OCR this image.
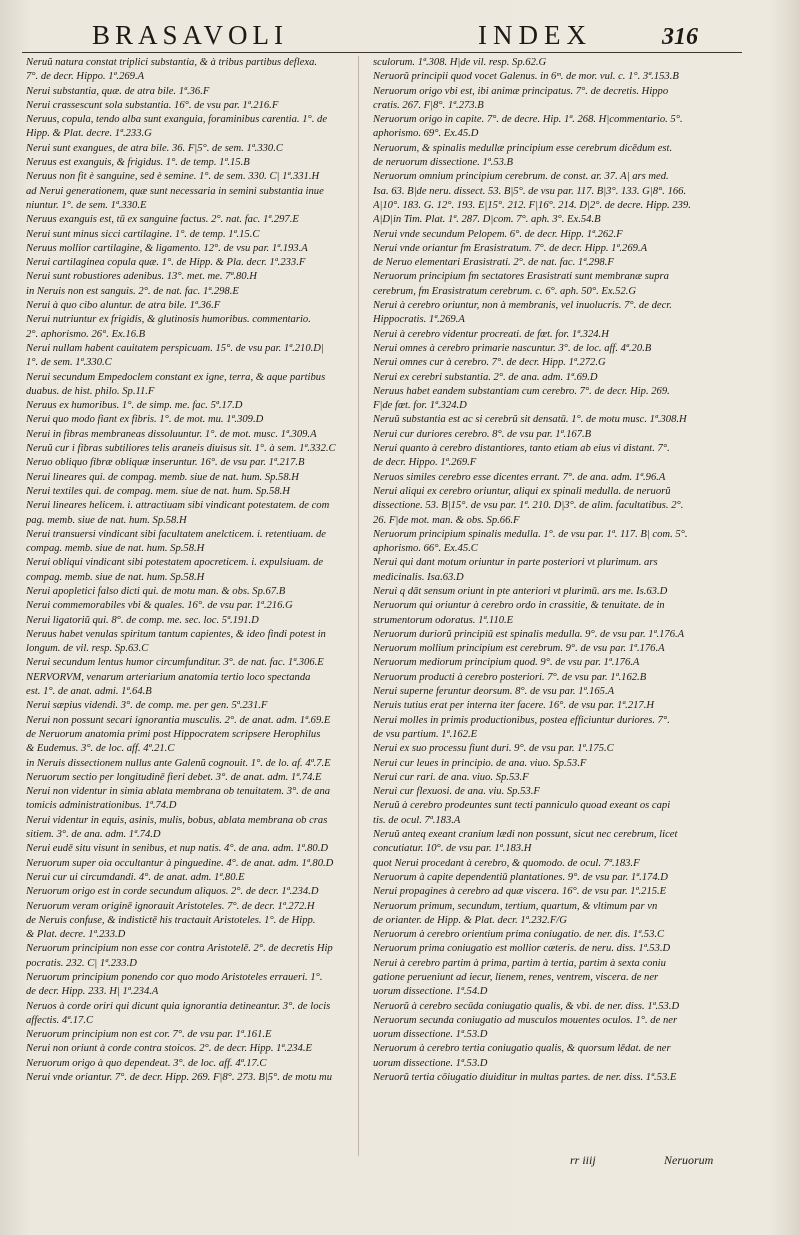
BRASAVOLI	INDEX	316
Neruŭ natura constat triplici substantia, & à tribus partibus deflexa.
7°. de decr. Hippo. 1ª.269.A
Nerui substantia, quæ. de atra bile. 1ª.36.F
Nerui crassescunt sola substantia. 16°. de vsu par. 1ª.216.F
Neruus, copula, tendo alba sunt exanguia, foraminibus carentia. 1°. de
Hipp. & Plat. decre. 1ª.233.G
Nerui sunt exangues, de atra bile. 36. F|5°. de sem. 1ª.330.C
Neruus est exanguis, & frigidus. 1°. de temp. 1ª.15.B
Neruus non fit è sanguine, sed è semine. 1°. de sem. 330. C| 1ª.331.H
ad Nerui generationem, quæ sunt necessaria in semini substantia inue
niuntur. 1°. de sem. 1ª.330.E
Neruus exanguis est, tū ex sanguine factus. 2°. nat. fac. 1ª.297.E
Nerui sunt minus sicci cartilagine. 1°. de temp. 1ª.15.C
Neruus mollior cartilagine, & ligamento. 12°. de vsu par. 1ª.193.A
Nerui cartilaginea copula quæ. 1°. de Hipp. & Pla. decr. 1ª.233.F
Nerui sunt robustiores adenibus. 13°. met. me. 7ª.80.H
in Neruis non est sanguis. 2°. de nat. fac. 1ª.298.E
Nerui à quo cibo aluntur. de atra bile. 1ª.36.F
Nerui nutriuntur ex frigidis, & glutinosis humoribus. commentario.
2°. aphorismo. 26°. Ex.16.B
Nerui nullam habent cauitatem perspicuam. 15°. de vsu par. 1ª.210.D|
1°. de sem. 1ª.330.C
Nerui secundum Empedoclem constant ex igne, terra, & aque partibus
duabus. de hist. philo. Sp.11.F
Neruus ex humoribus. 1°. de simp. me. fac. 5ª.17.D
Nerui quo modo fiant ex fibris. 1°. de mot. mu. 1ª.309.D
Nerui in fibras membraneas dissoluuntur. 1°. de mot. musc. 1ª.309.A
Neruŭ cur i fibras subtiliores telis araneis diuisus sit. 1°. à sem. 1ª.332.C
Neruo obliquo fibræ obliquæ inseruntur. 16°. de vsu par. 1ª.217.B
Nerui lineares qui. de compag. memb. siue de nat. hum. Sp.58.H
Nerui textiles qui. de compag. mem. siue de nat. hum. Sp.58.H
Nerui lineares helicem. i. attractiuam sibi vindicant potestatem. de com
pag. memb. siue de nat. hum. Sp.58.H
Nerui transuersi vindicant sibi facultatem anelcticem. i. retentiuam. de
compag. memb. siue de nat. hum. Sp.58.H
Nerui obliqui vindicant sibi potestatem apocreticem. i. expulsiuam. de
compag. memb. siue de nat. hum. Sp.58.H
Nerui apopletici falso dicti qui. de motu man. & obs. Sp.67.B
Nerui commemorabiles vbi & quales. 16°. de vsu par. 1ª.216.G
Nerui ligatoriŭ qui. 8°. de comp. me. sec. loc. 5ª.191.D
Neruus habet venulas spiritum tantum capientes, & ideo findi potest in
longum. de vil. resp. Sp.63.C
Nerui secundum lentus humor circumfunditur. 3°. de nat. fac. 1ª.306.E
NERVORVM, venarum arteriarium anatomia tertio loco spectanda
est. 1°. de anat. admi. 1ª.64.B
Nerui sæpius videndi. 3°. de comp. me. per gen. 5ª.231.F
Nerui non possunt secari ignorantia musculis. 2°. de anat. adm. 1ª.69.E
de Neruorum anatomia primi post Hippocratem scripsere Herophilus
& Eudemus. 3°. de loc. aff. 4ª.21.C
in Neruis dissectionem nullus ante Galenŭ cognouit. 1°. de lo. af. 4ª.7.E
Neruorum sectio per longitudinē fieri debet. 3°. de anat. adm. 1ª.74.E
Nerui non videntur in simia ablata membrana ob tenuitatem. 3°. de ana
tomicis administrationibus. 1ª.74.D
Nerui videntur in equis, asinis, mulis, bobus, ablata membrana ob cras
sitiem. 3°. de ana. adm. 1ª.74.D
Nerui eudē situ visunt in senibus, et nup natis. 4°. de ana. adm. 1ª.80.D
Neruorum super oia occultantur à pinguedine. 4°. de anat. adm. 1ª.80.D
Nerui cur ui circumdandi. 4°. de anat. adm. 1ª.80.E
Neruorum origo est in corde secundum aliquos. 2°. de decr. 1ª.234.D
Neruorum veram originē ignorauit Aristoteles. 7°. de decr. 1ª.272.H
de Neruis confuse, & indistictē his tractauit Aristoteles. 1°. de Hipp.
& Plat. decre. 1ª.233.D
Neruorum principium non esse cor contra Aristotelē. 2°. de decretis Hip
pocratis. 232. C| 1ª.233.D
Neruorum principium ponendo cor quo modo Aristoteles erraueri. 1°.
de decr. Hipp. 233. H| 1ª.234.A
Neruos à corde oriri qui dicunt quia ignorantia detineantur. 3°. de locis
affectis. 4ª.17.C
Neruorum principium non est cor. 7°. de vsu par. 1ª.161.E
Nerui non oriunt à corde contra stoicos. 2°. de decr. Hipp. 1ª.234.E
Neruorum origo à quo dependeat. 3°. de loc. aff. 4ª.17.C
Nerui vnde oriantur. 7°. de decr. Hipp. 269. F|8°. 273. B|5°. de motu mu
sculorum. 1ª.308. H|de vil. resp. Sp.62.G
Neruorŭ principii quod vocet Galenus. in 6ᵐ. de mor. vul. c. 1°. 3ª.153.B
Neruorum origo vbi est, ibi animæ principatus. 7°. de decretis. Hippo
cratis. 267. F|8°. 1ª.273.B
Neruorum origo in capite. 7°. de decre. Hip. 1ª. 268. H|commentario. 5°.
aphorismo. 69°. Ex.45.D
Neruorum, & spinalis medullæ principium esse cerebrum dicēdum est.
de neruorum dissectione. 1ª.53.B
Neruorum omnium principium cerebrum. de const. ar. 37. A| ars med.
Isa. 63. B|de neru. dissect. 53. B|5°. de vsu par. 117. B|3°. 133. G|8°. 166.
A|10°. 183. G. 12°. 193. E|15°. 212. F|16°. 214. D|2°. de decre. Hipp. 239.
A|D|in Tim. Plat. 1ª. 287. D|com. 7°. aph. 3°. Ex.54.B
Nerui vnde secundum Pelopem. 6°. de decr. Hipp. 1ª.262.F
Nerui vnde oriantur fm Erasistratum. 7°. de decr. Hipp. 1ª.269.A
de Neruo elementari Erasistrati. 2°. de nat. fac. 1ª.298.F
Neruorum principium fm sectatores Erasistrati sunt membranæ supra
cerebrum, fm Erasistratum cerebrum. c. 6°. aph. 50°. Ex.52.G
Nerui à cerebro oriuntur, non à membranis, vel inuolucris. 7°. de decr.
Hippocratis. 1ª.269.A
Nerui à cerebro videntur procreati. de fœt. for. 1ª.324.H
Nerui omnes à cerebro primarie nascuntur. 3°. de loc. aff. 4ª.20.B
Nerui omnes cur à cerebro. 7°. de decr. Hipp. 1ª.272.G
Nerui ex cerebri substantia. 2°. de ana. adm. 1ª.69.D
Neruus habet eandem substantiam cum cerebro. 7°. de decr. Hip. 269.
F|de fœt. for. 1ª.324.D
Neruŭ substantia est ac si cerebrŭ sit densatū. 1°. de motu musc. 1ª.308.H
Nerui cur duriores cerebro. 8°. de vsu par. 1ª.167.B
Nerui quanto à cerebro distantiores, tanto etiam ab eius vi distant. 7°.
de decr. Hippo. 1ª.269.F
Neruos similes cerebro esse dicentes errant. 7°. de ana. adm. 1ª.96.A
Nerui aliqui ex cerebro oriuntur, aliqui ex spinali medulla. de neruorŭ
dissectione. 53. B|15°. de vsu par. 1ª. 210. D|3°. de alim. facultatibus. 2°.
26. F|de mot. man. & obs. Sp.66.F
Neruorum principium spinalis medulla. 1°. de vsu par. 1ª. 117. B| com. 5°.
aphorismo. 66°. Ex.45.C
Nerui qui dant motum oriuntur in parte posteriori vt plurimum. ars
medicinalis. Isa.63.D
Nerui q dāt sensum oriunt in pte anteriori vt plurimū. ars me. Is.63.D
Neruorum qui oriuntur à cerebro ordo in crassitie, & tenuitate. de in
strumentorum odoratus. 1ª.110.E
Neruorum duriorŭ principiŭ est spinalis medulla. 9°. de vsu par. 1ª.176.A
Neruorum mollium principium est cerebrum. 9°. de vsu par. 1ª.176.A
Neruorum mediorum principium quod. 9°. de vsu par. 1ª.176.A
Neruorum producti à cerebro posteriori. 7°. de vsu par. 1ª.162.B
Nerui superne feruntur deorsum. 8°. de vsu par. 1ª.165.A
Neruis tutius erat per interna iter facere. 16°. de vsu par. 1ª.217.H
Nerui molles in primis productionibus, postea efficiuntur duriores. 7°.
de vsu partium. 1ª.162.E
Nerui ex suo processu fiunt duri. 9°. de vsu par. 1ª.175.C
Nerui cur leues in principio. de ana. viuo. Sp.53.F
Nerui cur rari. de ana. viuo. Sp.53.F
Nerui cur flexuosi. de ana. viu. Sp.53.F
Neruŭ à cerebro prodeuntes sunt tecti panniculo quoad exeant os capi
tis. de ocul. 7ª.183.A
Neruŭ anteq exeant cranium lædi non possunt, sicut nec cerebrum, licet
concutiatur. 10°. de vsu par. 1ª.183.H
quot Nerui procedant à cerebro, & quomodo. de ocul. 7ª.183.F
Neruorum à capite dependentiū plantationes. 9°. de vsu par. 1ª.174.D
Nerui propagines à cerebro ad quæ viscera. 16°. de vsu par. 1ª.215.E
Neruorum primum, secundum, tertium, quartum, & vltimum par vn
de orianter. de Hipp. & Plat. decr. 1ª.232.F/G
Neruorum à cerebro orientium prima coniugatio. de ner. dis. 1ª.53.C
Neruorum prima coniugatio est mollior cæteris. de neru. diss. 1ª.53.D
Nerui à cerebro partim à prima, partim à tertia, partim à sexta coniu
gatione perueniunt ad iecur, lienem, renes, ventrem, viscera. de ner
uorum dissectione. 1ª.54.D
Neruorŭ à cerebro secūda coniugatio qualis, & vbi. de ner. diss. 1ª.53.D
Neruorum secunda coniugatio ad musculos mouentes oculos. 1°. de ner
uorum dissectione. 1ª.53.D
Neruorum à cerebro tertia coniugatio qualis, & quorsum lēdat. de ner
uorum dissectione. 1ª.53.D
Neruorŭ tertia cōiugatio diuiditur in multas partes. de ner. diss. 1ª.53.E
rr iiij	Neruorum
